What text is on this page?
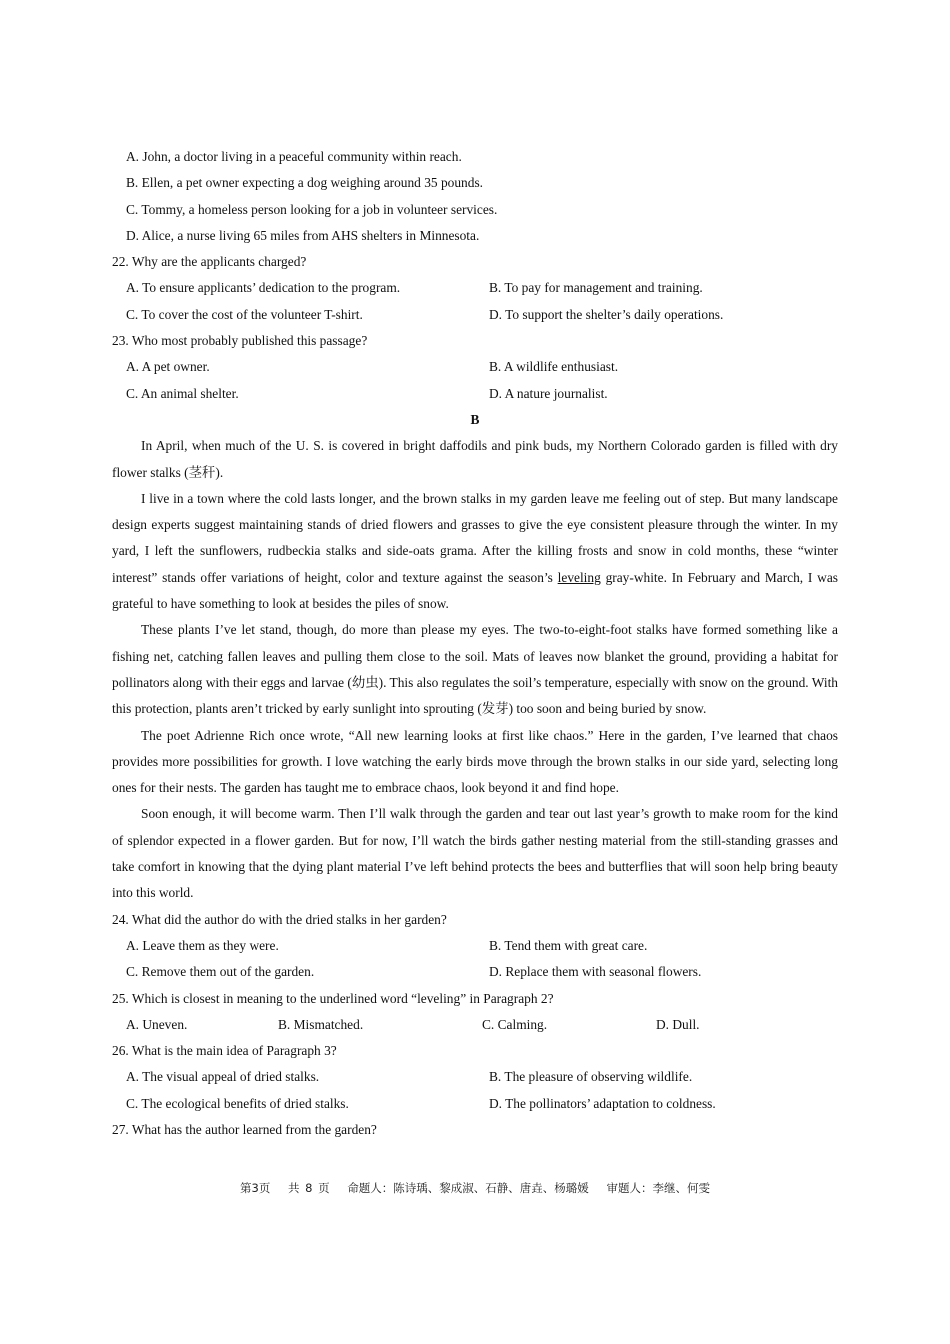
A. John, a doctor living in a peaceful community within reach.
B. Ellen, a pet owner expecting a dog weighing around 35 pounds.
C. Tommy, a homeless person looking for a job in volunteer services.
D. Alice, a nurse living 65 miles from AHS shelters in Minnesota.
22. Why are the applicants charged?
A. To ensure applicants’ dedication to the program.	B. To pay for management and training.
C. To cover the cost of the volunteer T-shirt.	D. To support the shelter’s daily operations.
23. Who most probably published this passage?
A. A pet owner.	B. A wildlife enthusiast.
C. An animal shelter.	D. A nature journalist.
B

In April, when much of the U. S. is covered in bright daffodils and pink buds, my Northern Colorado garden is filled with dry flower stalks (茎秆).

I live in a town where the cold lasts longer, and the brown stalks in my garden leave me feeling out of step. But many landscape design experts suggest maintaining stands of dried flowers and grasses to give the eye consistent pleasure through the winter. In my yard, I left the sunflowers, rudbeckia stalks and side-oats grama. After the killing frosts and snow in cold months, these “winter interest” stands offer variations of height, color and texture against the season’s leveling gray-white. In February and March, I was grateful to have something to look at besides the piles of snow.

These plants I’ve let stand, though, do more than please my eyes. The two-to-eight-foot stalks have formed something like a fishing net, catching fallen leaves and pulling them close to the soil. Mats of leaves now blanket the ground, providing a habitat for pollinators along with their eggs and larvae (幼虫). This also regulates the soil’s temperature, especially with snow on the ground. With this protection, plants aren’t tricked by early sunlight into sprouting (发芽) too soon and being buried by snow.

The poet Adrienne Rich once wrote, “All new learning looks at first like chaos.” Here in the garden, I’ve learned that chaos provides more possibilities for growth. I love watching the early birds move through the brown stalks in our side yard, selecting long ones for their nests. The garden has taught me to embrace chaos, look beyond it and find hope.

Soon enough, it will become warm. Then I’ll walk through the garden and tear out last year’s growth to make room for the kind of splendor expected in a flower garden. But for now, I’ll watch the birds gather nesting material from the still-standing grasses and take comfort in knowing that the dying plant material I’ve left behind protects the bees and butterflies that will soon help bring beauty into this world.

24. What did the author do with the dried stalks in her garden?
A. Leave them as they were.	B. Tend them with great care.
C. Remove them out of the garden.	D. Replace them with seasonal flowers.
25. Which is closest in meaning to the underlined word “leveling” in Paragraph 2?
A. Uneven.	B. Mismatched.	C. Calming.	D. Dull.
26. What is the main idea of Paragraph 3?
A. The visual appeal of dried stalks.	B. The pleasure of observing wildlife.
C. The ecological benefits of dried stalks.	D. The pollinators’ adaptation to coldness.
27. What has the author learned from the garden?
第3页 共 8 页 命题人：陈诗瑀、黎成淑、石静、唐垚、杨璐媛 审题人：李继、何雯
